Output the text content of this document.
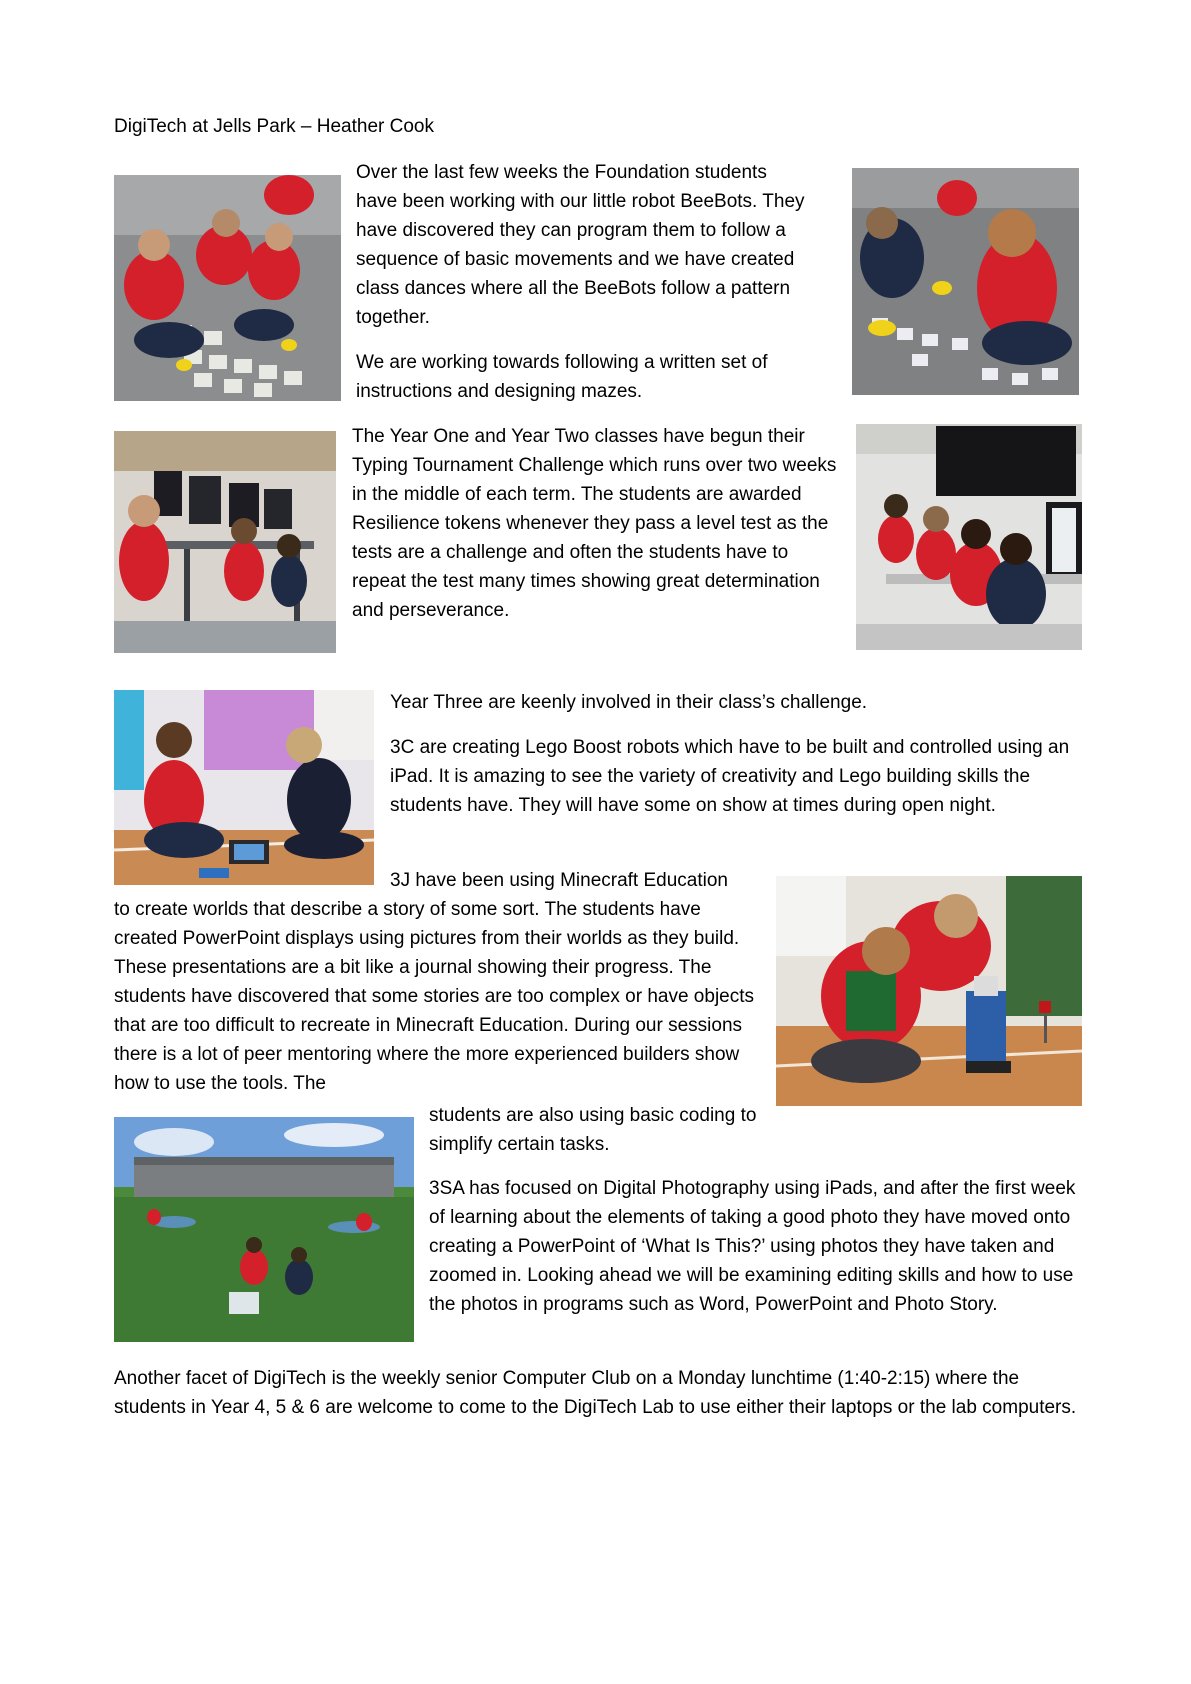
DigiTech at Jells Park – Heather Cook

Over the last few weeks the Foundation students have been working with our little robot BeeBots. They have discovered they can program them to follow a sequence of basic movements and we have created class dances where all the BeeBots follow a pattern together.

We are working towards following a written set of instructions and designing mazes.

The Year One and Year Two classes have begun their Typing Tournament Challenge which runs over two weeks in the middle of each term. The students are awarded Resilience tokens whenever they pass a level test as the tests are a challenge and often the students have to repeat the test many times showing great determination and perseverance.

Year Three are keenly involved in their class’s challenge.

3C are creating Lego Boost robots which have to be built and controlled using an iPad. It is amazing to see the variety of creativity and Lego building skills the students have. They will have some on show at times during open night.

3J have been using Minecraft Education

to create worlds that describe a story of some sort. The students have created PowerPoint displays using pictures from their worlds as they build. These presentations are a bit like a journal showing their progress. The students have discovered that some stories are too complex or have objects that are too difficult to recreate in Minecraft Education. During our sessions there is a lot of peer mentoring where the more experienced builders show how to use the tools. The

students are also using basic coding to simplify certain tasks.

3SA has focused on Digital Photography using iPads, and after the first week of learning about the elements of taking a good photo they have moved onto creating a PowerPoint of ‘What Is This?’ using photos they have taken and zoomed in. Looking ahead we will be examining editing skills and how to use the photos in programs such as Word, PowerPoint and Photo Story.

Another facet of DigiTech is the weekly senior Computer Club on a Monday lunchtime (1:40-2:15) where the students in Year 4, 5 & 6 are welcome to come to the DigiTech Lab to use either their laptops or the lab computers.
